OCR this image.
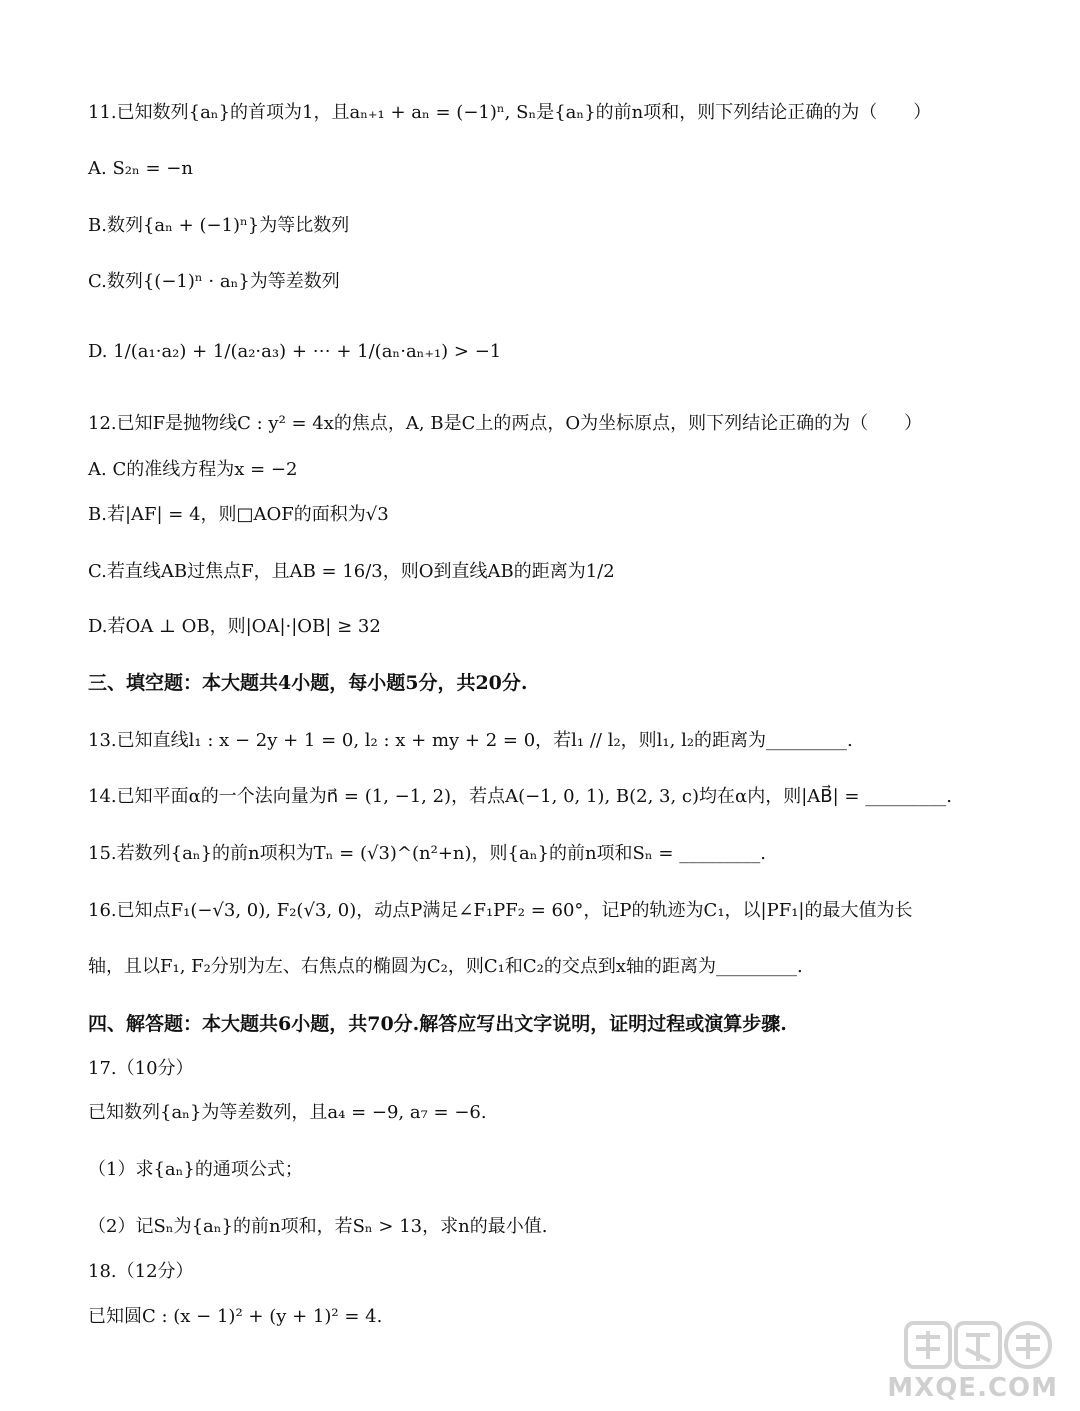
11.已知数列{aₙ}的首项为1，且aₙ₊₁ + aₙ = (−1)ⁿ, Sₙ是{aₙ}的前n项和，则下列结论正确的为（　　）
A. S₂ₙ = −n
B.数列{aₙ + (−1)ⁿ}为等比数列
C.数列{(−1)ⁿ · aₙ}为等差数列
D. 1/(a₁·a₂) + 1/(a₂·a₃) + ⋯ + 1/(aₙ·aₙ₊₁) > −1
12.已知F是抛物线C : y² = 4x的焦点，A, B是C上的两点，O为坐标原点，则下列结论正确的为（　　）
A. C的准线方程为x = −2
B.若|AF| = 4，则□AOF的面积为√3
C.若直线AB过焦点F，且AB = 16/3，则O到直线AB的距离为1/2
D.若OA ⊥ OB，则|OA|·|OB| ≥ 32
三、填空题：本大题共4小题，每小题5分，共20分.
13.已知直线l₁ : x − 2y + 1 = 0, l₂ : x + my + 2 = 0，若l₁ // l₂，则l₁, l₂的距离为_________.
14.已知平面α的一个法向量为n⃗ = (1, −1, 2)，若点A(−1, 0, 1), B(2, 3, c)均在α内，则|AB⃗| = _________.
15.若数列{aₙ}的前n项积为Tₙ = (√3)^(n²+n)，则{aₙ}的前n项和Sₙ = _________.
16.已知点F₁(−√3, 0), F₂(√3, 0)，动点P满足∠F₁PF₂ = 60°，记P的轨迹为C₁，以|PF₁|的最大值为长
轴，且以F₁, F₂分别为左、右焦点的椭圆为C₂，则C₁和C₂的交点到x轴的距离为_________.
四、解答题：本大题共6小题，共70分.解答应写出文字说明，证明过程或演算步骤.
17.（10分）
已知数列{aₙ}为等差数列，且a₄ = −9, a₇ = −6.
（1）求{aₙ}的通项公式；
（2）记Sₙ为{aₙ}的前n项和，若Sₙ > 13，求n的最小值.
18.（12分）
已知圆C : (x − 1)² + (y + 1)² = 4.
MXQE.COM
